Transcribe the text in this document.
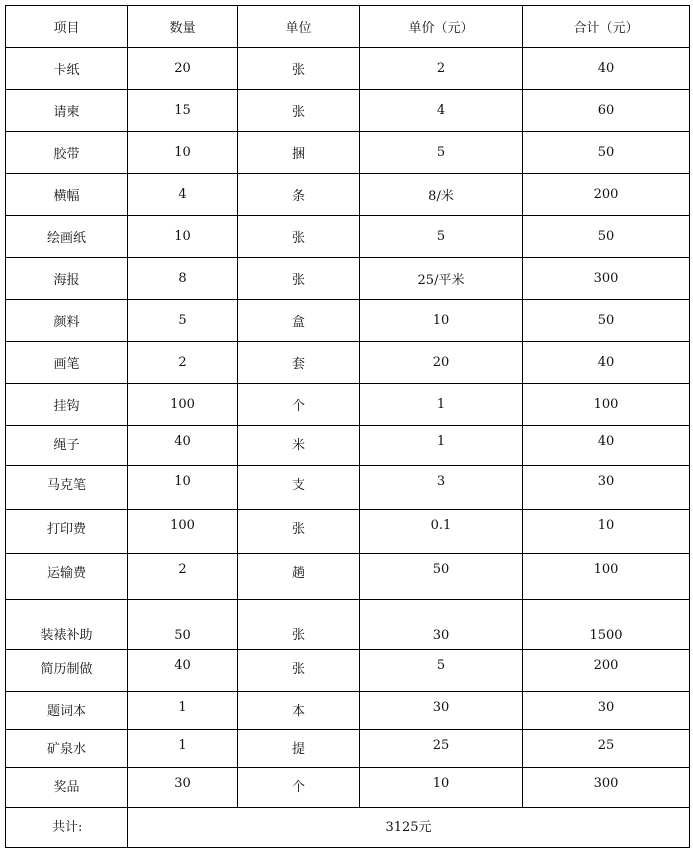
项目	数量	单位	单价（元）	合计（元）
卡纸	20	张	2	40
请柬	15	张	4	60
胶带	10	捆	5	50
横幅	4	条	8/米	200
绘画纸	10	张	5	50
海报	8	张	25/平米	300
颜料	5	盒	10	50
画笔	2	套	20	40
挂钩	100	个	1	100
绳子	40	米	1	40
马克笔	10	支	3	30
打印费	100	张	0.1	10
运输费	2	趟	50	100
装裱补助	50	张	30	1500
简历制做	40	张	5	200
题词本	1	本	30	30
矿泉水	1	提	25	25
奖品	30	个	10	300
共计:	3125元			
